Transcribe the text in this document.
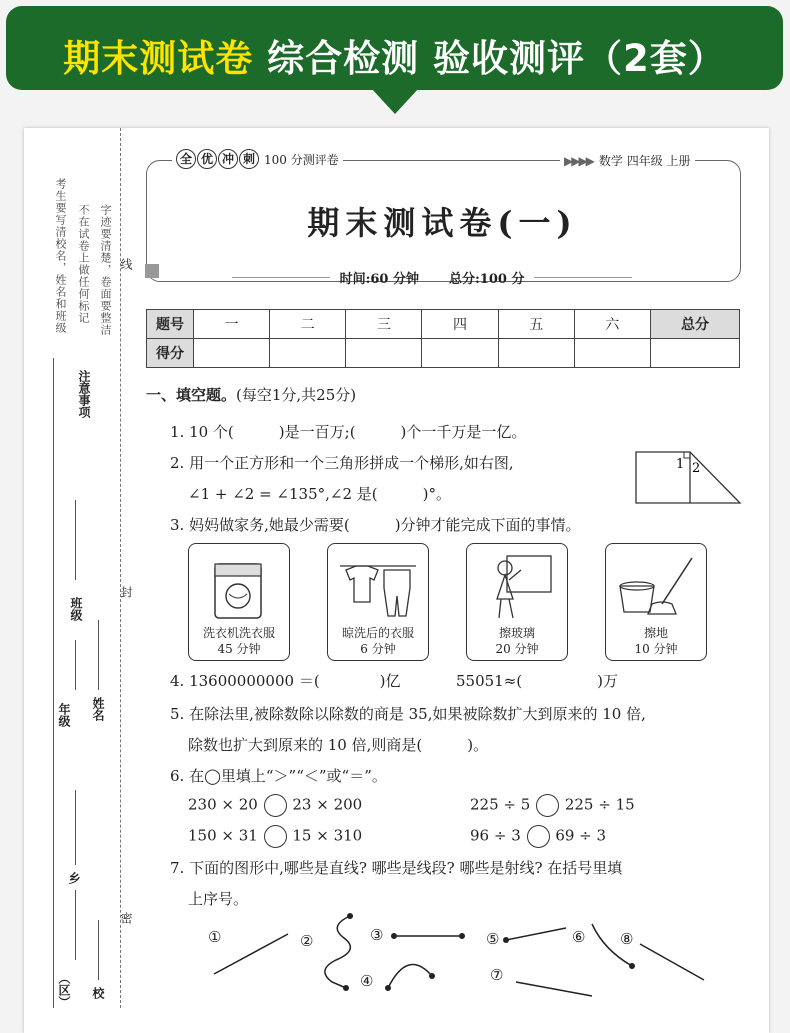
期末测试卷 综合检测 验收测评（2套）
考生要写清校名，姓名和班级 不在试卷上做任何标记 字迹要清楚，卷面要整洁
注意事项
线
封
密
班级
年级 姓名
乡
（区） 校
全 优 冲 刺 100 分测评卷	▶▶▶▶ 数学 四年级 上册
期末测试卷(一)
时间:60 分钟 总分:100 分
题号	一	二	三	四	五	六	总分
得分							
一、填空题。(每空1分,共25分)
1. 10 个(　　　)是一百万;(　　　)个一千万是一亿。
2. 用一个正方形和一个三角形拼成一个梯形,如右图,
∠1 + ∠2 = ∠135°,∠2 是(　　　)°。
1 2
3. 妈妈做家务,她最少需要(　　　)分钟才能完成下面的事情。
洗衣机洗衣服
45 分钟
晾洗后的衣服
6 分钟
擦玻璃
20 分钟
擦地
10 分钟
4. 13600000000 ＝(　　　　)亿	55051≈(　　　　　)万
5. 在除法里,被除数除以除数的商是 35,如果被除数扩大到原来的 10 倍,
除数也扩大到原来的 10 倍,则商是(　　　)。
6. 在◯里填上“＞”“＜”或“＝”。
230 × 20 23 × 200	225 ÷ 5 225 ÷ 15
150 × 31 15 × 310	96 ÷ 3 69 ÷ 3
7. 下面的图形中,哪些是直线? 哪些是线段? 哪些是射线? 在括号里填
上序号。
①	②	③
④
⑤	⑥
⑦
⑧
